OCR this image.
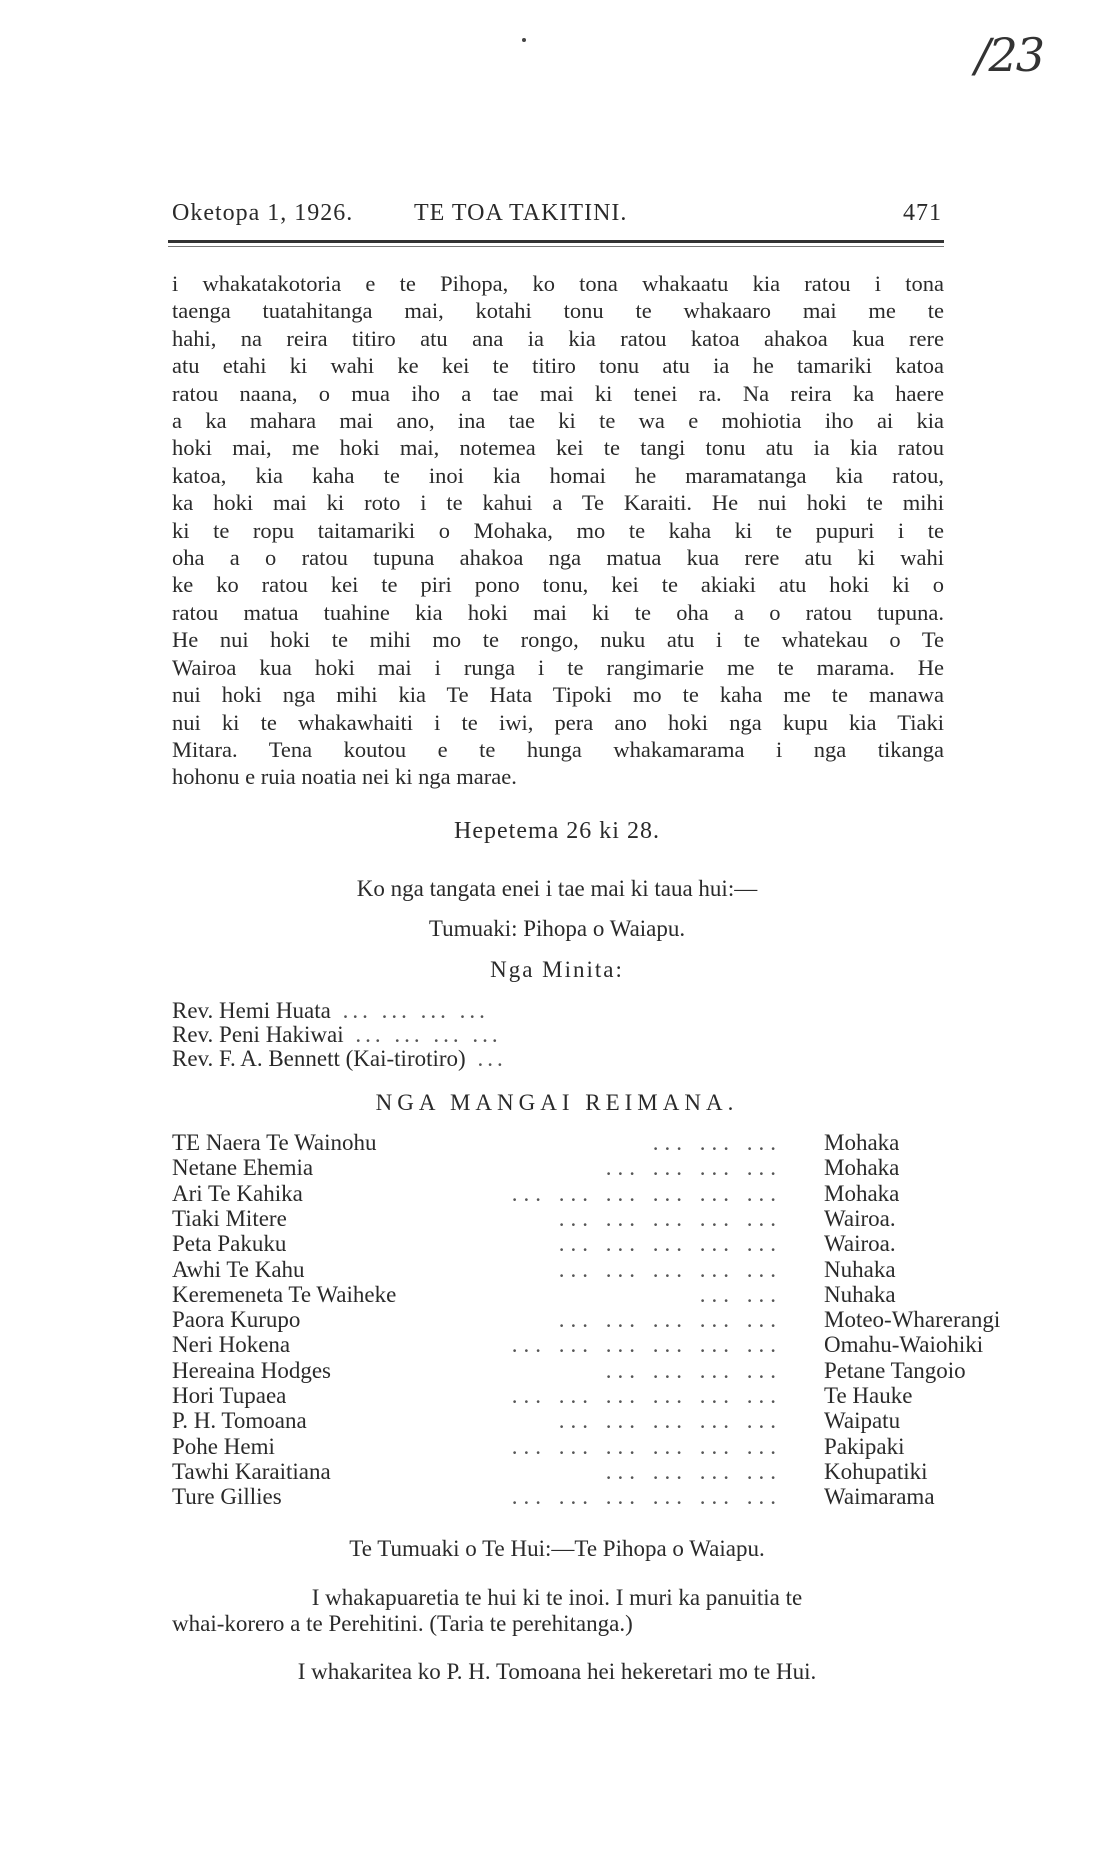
/23
Oketopa 1, 1926.	TE TOA TAKITINI.	471
i whakatakotoria e te Pihopa, ko tona whakaatu kia ratou i tona
taenga tuatahitanga mai, kotahi tonu te whakaaro mai me te
hahi, na reira titiro atu ana ia kia ratou katoa ahakoa kua rere
atu etahi ki wahi ke kei te titiro tonu atu ia he tamariki katoa
ratou naana, o mua iho a tae mai ki tenei ra. Na reira ka haere
a ka mahara mai ano, ina tae ki te wa e mohiotia iho ai kia
hoki mai, me hoki mai, notemea kei te tangi tonu atu ia kia ratou
katoa, kia kaha te inoi kia homai he maramatanga kia ratou,
ka hoki mai ki roto i te kahui a Te Karaiti. He nui hoki te mihi
ki te ropu taitamariki o Mohaka, mo te kaha ki te pupuri i te
oha a o ratou tupuna ahakoa nga matua kua rere atu ki wahi
ke ko ratou kei te piri pono tonu, kei te akiaki atu hoki ki o
ratou matua tuahine kia hoki mai ki te oha a o ratou tupuna.
He nui hoki te mihi mo te rongo, nuku atu i te whatekau o Te
Wairoa kua hoki mai i runga i te rangimarie me te marama. He
nui hoki nga mihi kia Te Hata Tipoki mo te kaha me te manawa
nui ki te whakawhaiti i te iwi, pera ano hoki nga kupu kia Tiaki
Mitara. Tena koutou e te hunga whakamarama i nga tikanga
hohonu e ruia noatia nei ki nga marae.
Hepetema 26 ki 28.
Ko nga tangata enei i tae mai ki taua hui:—
Tumuaki: Pihopa o Waiapu.
Nga Minita:
Rev. Hemi Huata ... ... ... ...
Rev. Peni Hakiwai ... ... ... ...
Rev. F. A. Bennett (Kai-tirotiro) ...
NGA MANGAI REIMANA.
TE Naera Te Wainohu	... ... ... Mohaka
Netane Ehemia	... ... ... ... Mohaka
Ari Te Kahika	... ... ... ... ... ... Mohaka
Tiaki Mitere	... ... ... ... ... Wairoa.
Peta Pakuku	... ... ... ... ... Wairoa.
Awhi Te Kahu	... ... ... ... ... Nuhaka
Keremeneta Te Waiheke	... ... Nuhaka
Paora Kurupo	... ... ... ... ... Moteo-Wharerangi
Neri Hokena	... ... ... ... ... ... Omahu-Waiohiki
Hereaina Hodges	... ... ... ... Petane Tangoio
Hori Tupaea	... ... ... ... ... ... Te Hauke
P. H. Tomoana	... ... ... ... ... Waipatu
Pohe Hemi	... ... ... ... ... ... Pakipaki
Tawhi Karaitiana	... ... ... ... Kohupatiki
Ture Gillies	... ... ... ... ... ... Waimarama
Te Tumuaki o Te Hui:—Te Pihopa o Waiapu.
I whakapuaretia te hui ki te inoi. I muri ka panuitia te
whai-korero a te Perehitini. (Taria te perehitanga.)
I whakaritea ko P. H. Tomoana hei hekeretari mo te Hui.
